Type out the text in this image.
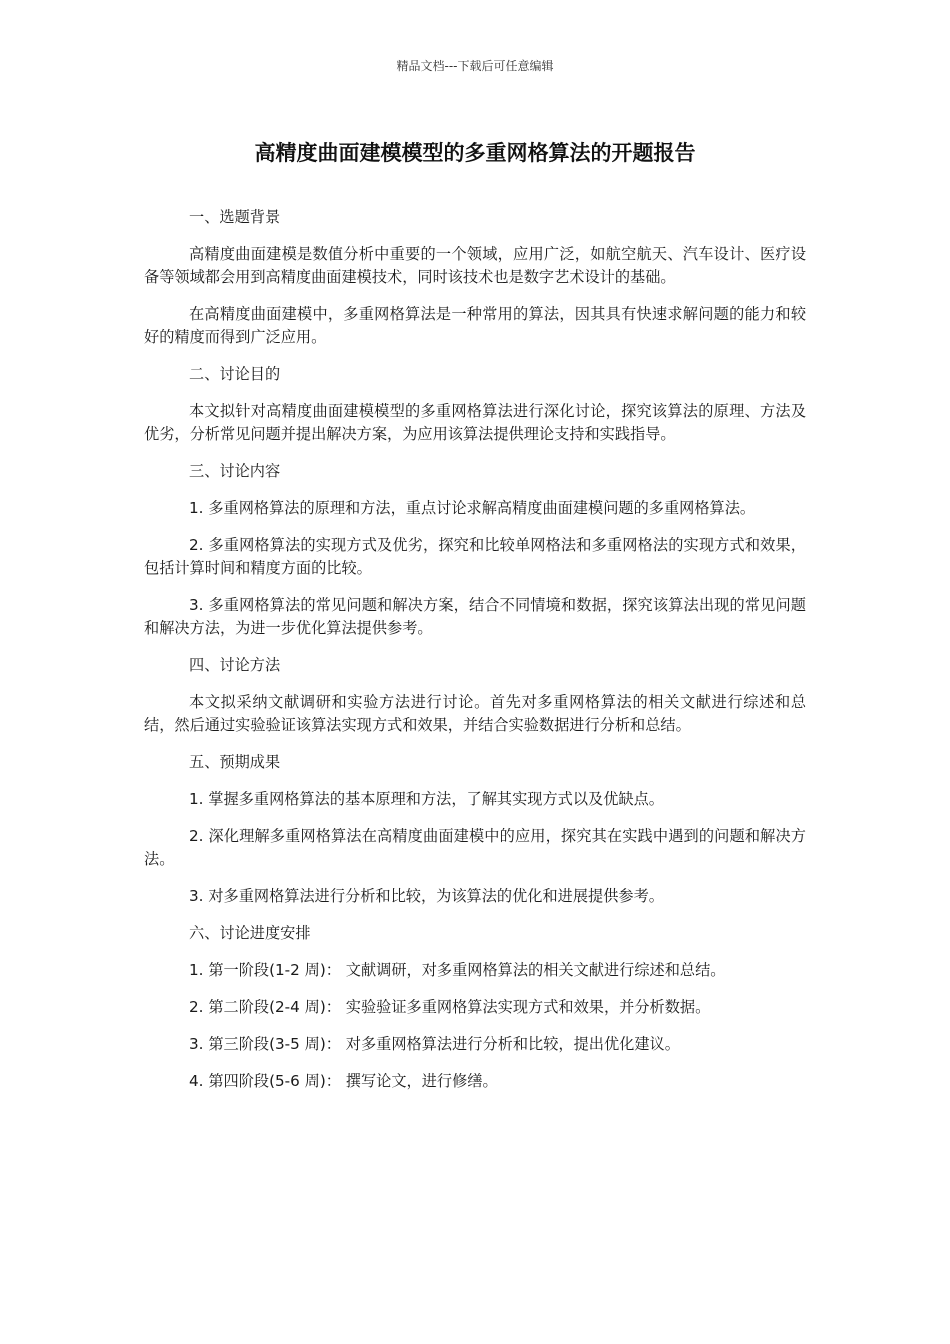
精品文档---下载后可任意编辑
高精度曲面建模模型的多重网格算法的开题报告

一、选题背景

高精度曲面建模是数值分析中重要的一个领域，应用广泛，如航空航天、汽车设计、医疗设备等领域都会用到高精度曲面建模技术，同时该技术也是数字艺术设计的基础。

在高精度曲面建模中，多重网格算法是一种常用的算法，因其具有快速求解问题的能力和较好的精度而得到广泛应用。

二、讨论目的

本文拟针对高精度曲面建模模型的多重网格算法进行深化讨论，探究该算法的原理、方法及优劣，分析常见问题并提出解决方案，为应用该算法提供理论支持和实践指导。

三、讨论内容

1. 多重网格算法的原理和方法，重点讨论求解高精度曲面建模问题的多重网格算法。

2. 多重网格算法的实现方式及优劣，探究和比较单网格法和多重网格法的实现方式和效果，包括计算时间和精度方面的比较。

3. 多重网格算法的常见问题和解决方案，结合不同情境和数据，探究该算法出现的常见问题和解决方法，为进一步优化算法提供参考。

四、讨论方法

本文拟采纳文献调研和实验方法进行讨论。首先对多重网格算法的相关文献进行综述和总结，然后通过实验验证该算法实现方式和效果，并结合实验数据进行分析和总结。

五、预期成果

1. 掌握多重网格算法的基本原理和方法，了解其实现方式以及优缺点。

2. 深化理解多重网格算法在高精度曲面建模中的应用，探究其在实践中遇到的问题和解决方法。

3. 对多重网格算法进行分析和比较，为该算法的优化和进展提供参考。

六、讨论进度安排

1. 第一阶段(1-2 周)： 文献调研，对多重网格算法的相关文献进行综述和总结。

2. 第二阶段(2-4 周)： 实验验证多重网格算法实现方式和效果，并分析数据。

3. 第三阶段(3-5 周)： 对多重网格算法进行分析和比较，提出优化建议。

4. 第四阶段(5-6 周)： 撰写论文，进行修缮。
